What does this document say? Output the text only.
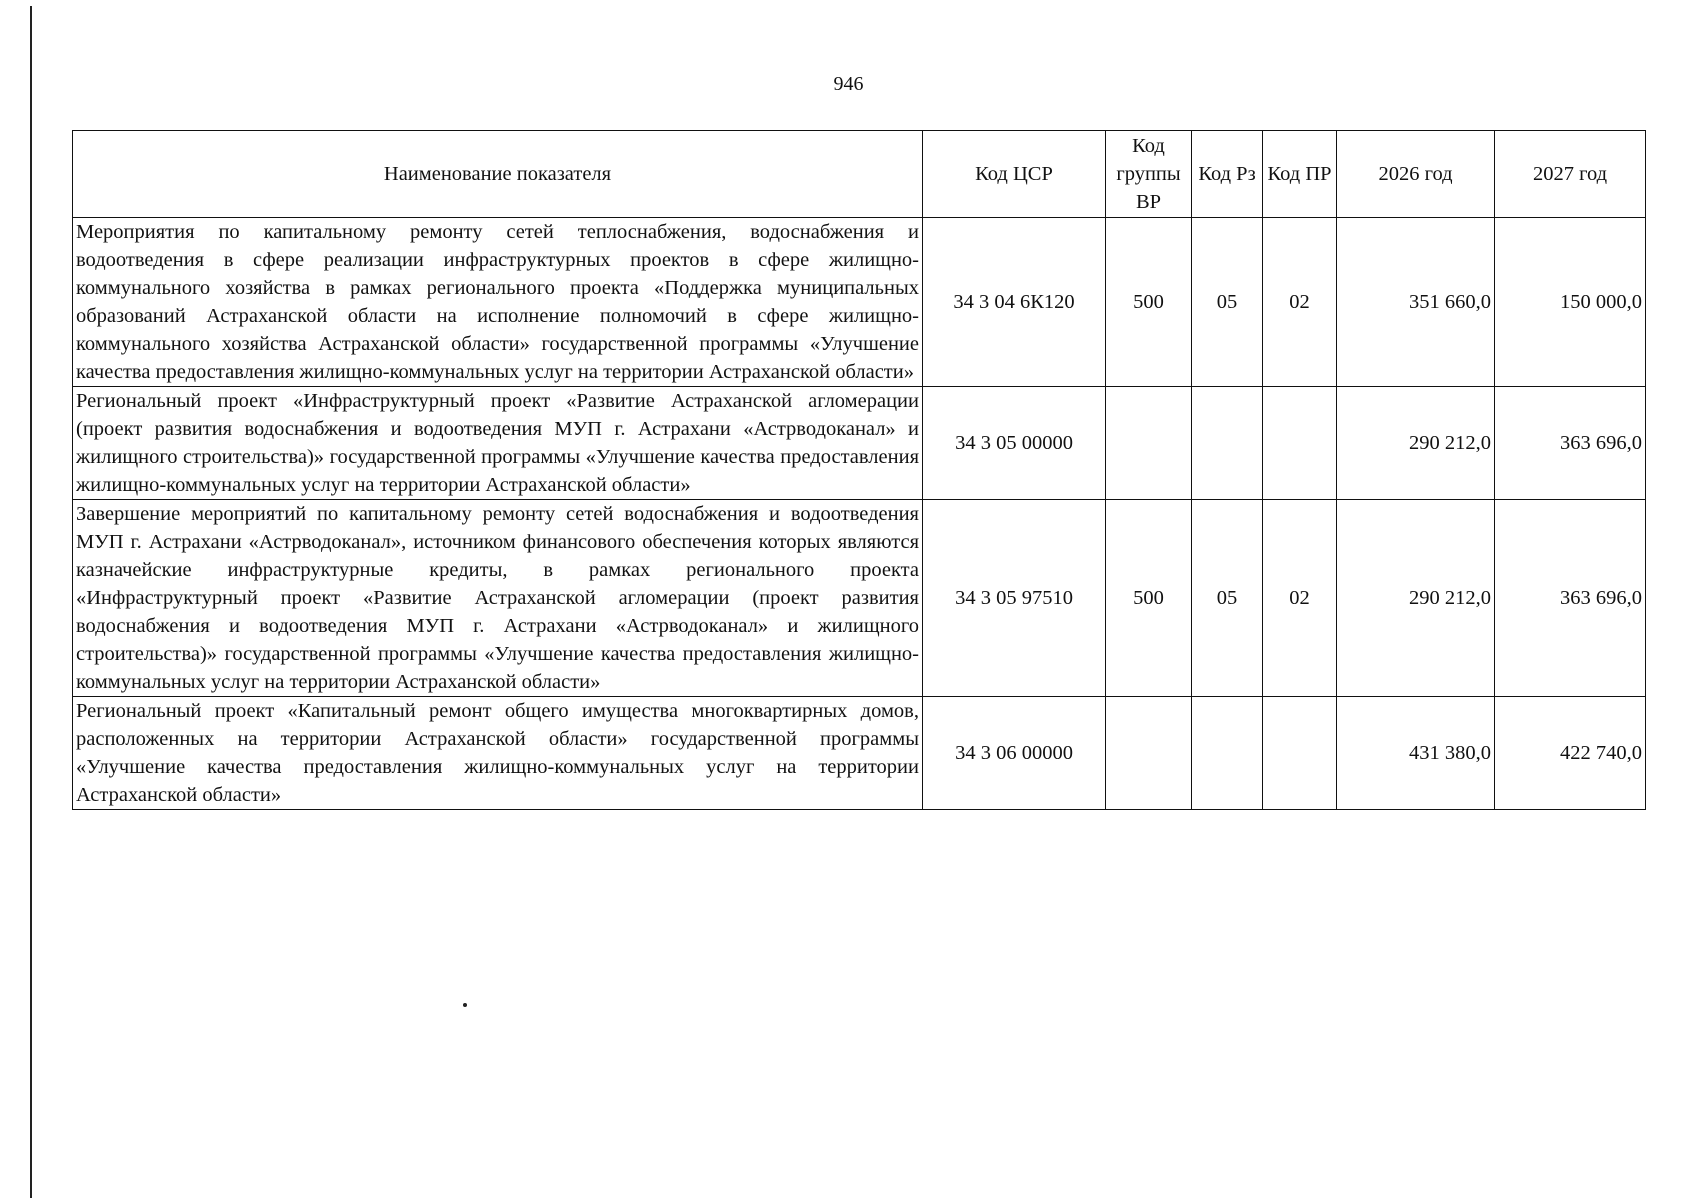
946
Наименование показателя	Код ЦСР	Код группы ВР	Код Рз	Код ПР	2026 год	2027 год
Мероприятия по капитальному ремонту сетей теплоснабжения, водоснабжения и водоотведения в сфере реализации инфраструктурных проектов в сфере жилищно-коммунального хозяйства в рамках регионального проекта «Поддержка муниципальных образований Астраханской области на исполнение полномочий в сфере жилищно-коммунального хозяйства Астраханской области» государственной программы «Улучшение качества предоставления жилищно-коммунальных услуг на территории Астраханской области»	34 3 04 6К120	500	05	02	351 660,0	150 000,0
Региональный проект «Инфраструктурный проект «Развитие Астраханской агломерации (проект развития водоснабжения и водоотведения МУП г. Астрахани «Астрводоканал» и жилищного строительства)» государственной программы «Улучшение качества предоставления жилищно-коммунальных услуг на территории Астраханской области»	34 3 05 00000				290 212,0	363 696,0
Завершение мероприятий по капитальному ремонту сетей водоснабжения и водоотведения МУП г. Астрахани «Астрводоканал», источником финансового обеспечения которых являются казначейские инфраструктурные кредиты, в рамках регионального проекта «Инфраструктурный проект «Развитие Астраханской агломерации (проект развития водоснабжения и водоотведения МУП г. Астрахани «Астрводоканал» и жилищного строительства)» государственной программы «Улучшение качества предоставления жилищно-коммунальных услуг на территории Астраханской области»	34 3 05 97510	500	05	02	290 212,0	363 696,0
Региональный проект «Капитальный ремонт общего имущества многоквартирных домов, расположенных на территории Астраханской области» государственной программы «Улучшение качества предоставления жилищно-коммунальных услуг на территории Астраханской области»	34 3 06 00000				431 380,0	422 740,0
